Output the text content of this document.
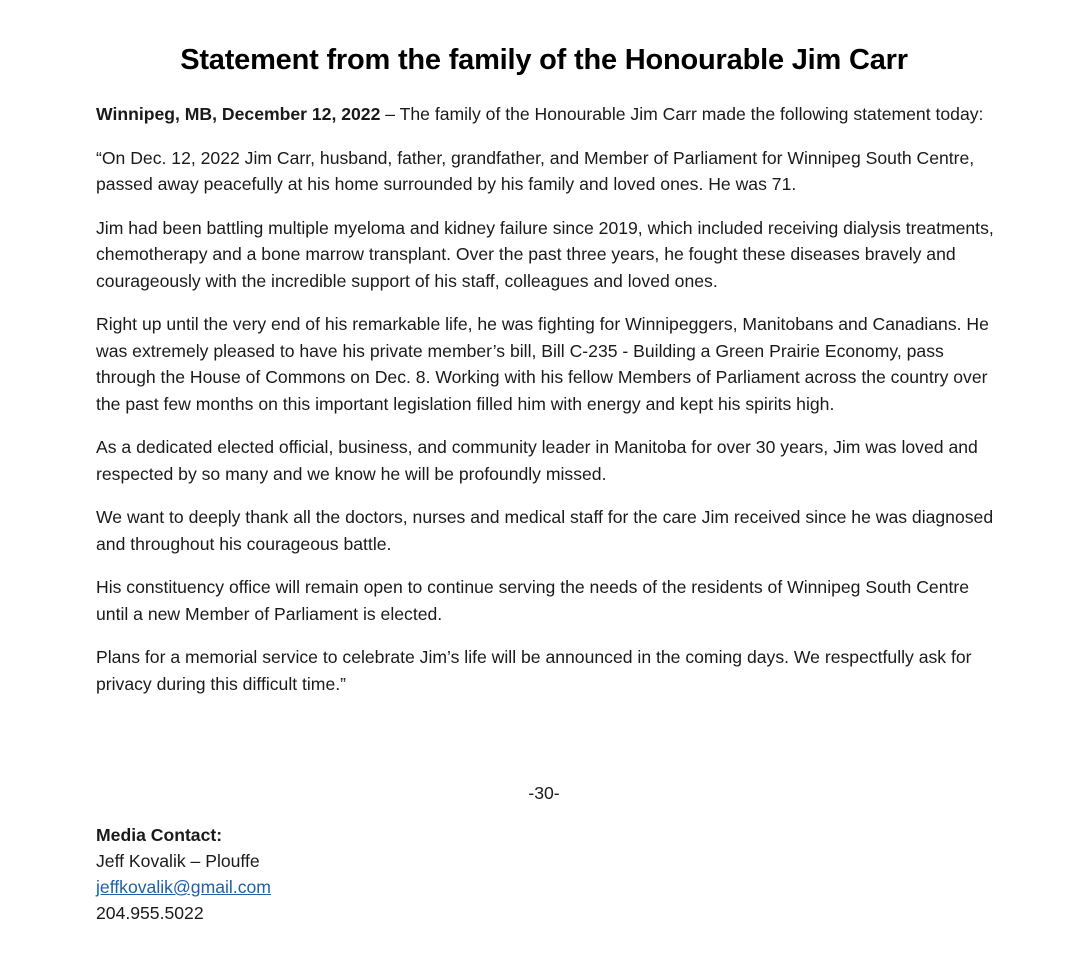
Statement from the family of the Honourable Jim Carr

Winnipeg, MB, December 12, 2022 – The family of the Honourable Jim Carr made the following statement today:

“On Dec. 12, 2022 Jim Carr, husband, father, grandfather, and Member of Parliament for Winnipeg South Centre, passed away peacefully at his home surrounded by his family and loved ones. He was 71.

Jim had been battling multiple myeloma and kidney failure since 2019, which included receiving dialysis treatments, chemotherapy and a bone marrow transplant. Over the past three years, he fought these diseases bravely and courageously with the incredible support of his staff, colleagues and loved ones.

Right up until the very end of his remarkable life, he was fighting for Winnipeggers, Manitobans and Canadians. He was extremely pleased to have his private member’s bill, Bill C-235 - Building a Green Prairie Economy, pass through the House of Commons on Dec. 8. Working with his fellow Members of Parliament across the country over the past few months on this important legislation filled him with energy and kept his spirits high.

As a dedicated elected official, business, and community leader in Manitoba for over 30 years, Jim was loved and respected by so many and we know he will be profoundly missed.

We want to deeply thank all the doctors, nurses and medical staff for the care Jim received since he was diagnosed and throughout his courageous battle.

His constituency office will remain open to continue serving the needs of the residents of Winnipeg South Centre until a new Member of Parliament is elected.

Plans for a memorial service to celebrate Jim’s life will be announced in the coming days. We respectfully ask for privacy during this difficult time.”

-30-
Media Contact:
Jeff Kovalik – Plouffe
jeffkovalik@gmail.com
204.955.5022
